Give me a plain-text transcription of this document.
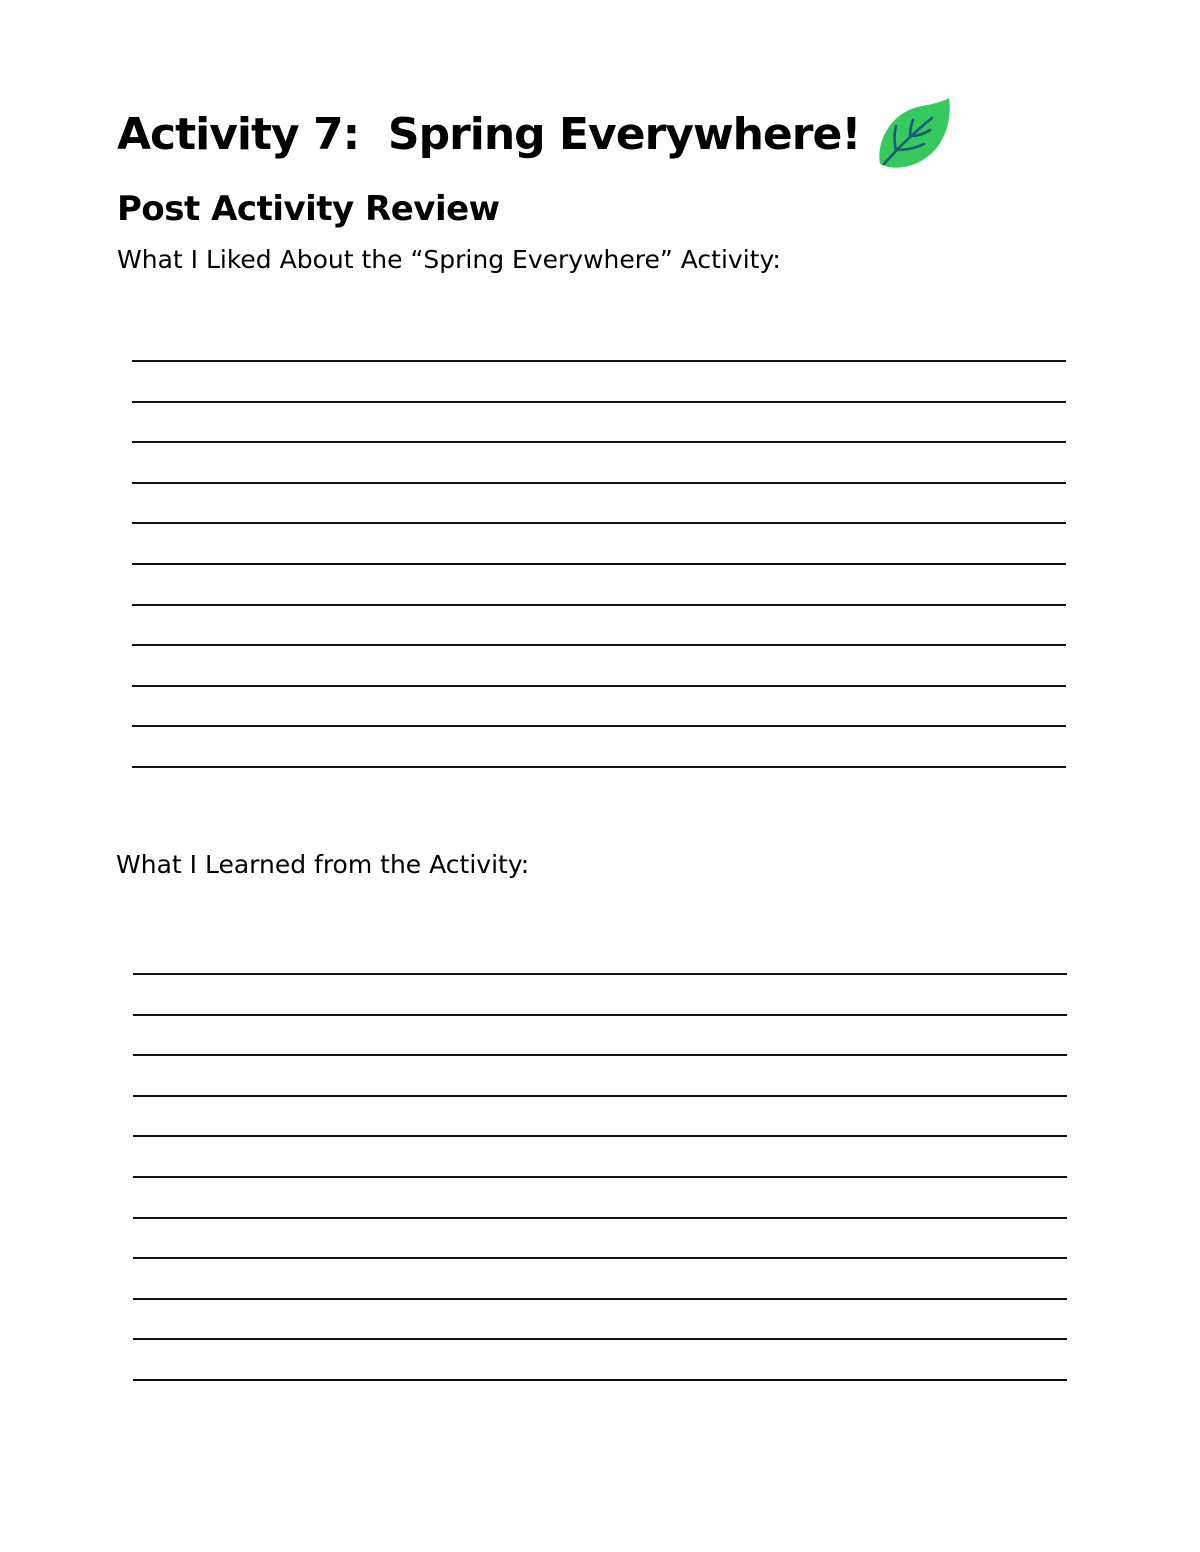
Activity 7:  Spring Everywhere!
Post Activity Review

What I Liked About the “Spring Everywhere” Activity:

What I Learned from the Activity:
